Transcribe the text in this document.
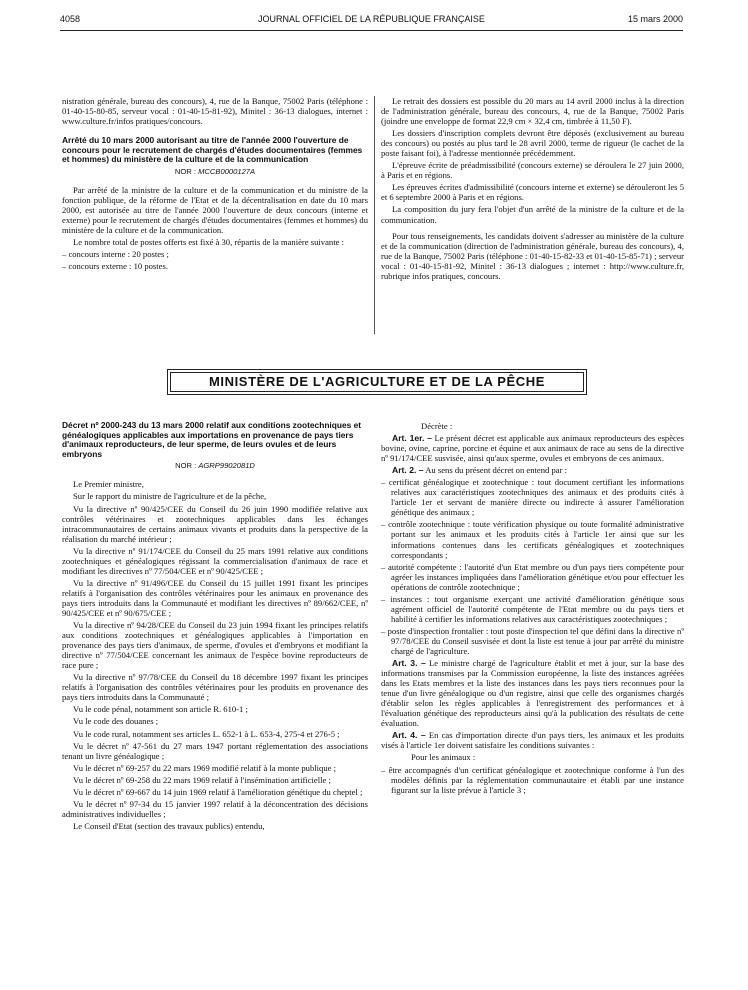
4058	JOURNAL OFFICIEL DE LA RÉPUBLIQUE FRANÇAISE	15 mars 2000

nistration générale, bureau des concours), 4, rue de la Banque, 75002 Paris (téléphone : 01-40-15-80-85, serveur vocal : 01-40-15-81-92), Minitel : 36-13 dialogues, internet : www.culture.fr/infos pratiques/concours.

Arrêté du 10 mars 2000 autorisant au titre de l'année 2000 l'ouverture de concours pour le recrutement de chargés d'études documentaires (femmes et hommes) du ministère de la culture et de la communication
NOR : MCCB0000127A

Par arrêté de la ministre de la culture et de la communication et du ministre de la fonction publique, de la réforme de l'Etat et de la décentralisation en date du 10 mars 2000, est autorisée au titre de l'année 2000 l'ouverture de deux concours (interne et externe) pour le recrutement de chargés d'études documentaires (femmes et hommes) du ministère de la culture et de la communication.

Le nombre total de postes offerts est fixé à 30, répartis de la manière suivante :

– concours interne : 20 postes ;
– concours externe : 10 postes.

Le retrait des dossiers est possible du 20 mars au 14 avril 2000 inclus à la direction de l'administration générale, bureau des concours, 4, rue de la Banque, 75002 Paris (joindre une enveloppe de format 22,9 cm × 32,4 cm, timbrée à 11,50 F).

Les dossiers d'inscription complets devront être déposés (exclusivement au bureau des concours) ou postés au plus tard le 28 avril 2000, terme de rigueur (le cachet de la poste faisant foi), à l'adresse mentionnée précédemment.

L'épreuve écrite de préadmissibilité (concours externe) se déroulera le 27 juin 2000, à Paris et en régions.

Les épreuves écrites d'admissibilité (concours interne et externe) se dérouleront les 5 et 6 septembre 2000 à Paris et en régions.

La composition du jury fera l'objet d'un arrêté de la ministre de la culture et de la communication.

Pour tous renseignements, les candidats doivent s'adresser au ministère de la culture et de la communication (direction de l'administration générale, bureau des concours), 4, rue de la Banque, 75002 Paris (téléphone : 01-40-15-82-33 et 01-40-15-85-71) ; serveur vocal : 01-40-15-81-92, Minitel : 36-13 dialogues ; internet : http://www.culture.fr, rubrique infos pratiques, concours.

MINISTÈRE DE L'AGRICULTURE ET DE LA PÊCHE
Décret nº 2000-243 du 13 mars 2000 relatif aux conditions zootechniques et généalogiques applicables aux importations en provenance de pays tiers d'animaux reproducteurs, de leur sperme, de leurs ovules et de leurs embryons
NOR : AGRP9902081D

Le Premier ministre,

Sur le rapport du ministre de l'agriculture et de la pêche,

Vu la directive nº 90/425/CEE du Conseil du 26 juin 1990 modifiée relative aux contrôles vétérinaires et zootechniques applicables dans les échanges intracommunautaires de certains animaux vivants et produits dans la perspective de la réalisation du marché intérieur ;

Vu la directive nº 91/174/CEE du Conseil du 25 mars 1991 relative aux conditions zootechniques et généalogiques régissant la commercialisation d'animaux de race et modifiant les directives nº 77/504/CEE et nº 90/425/CEE ;

Vu la directive nº 91/496/CEE du Conseil du 15 juillet 1991 fixant les principes relatifs à l'organisation des contrôles vétérinaires pour les animaux en provenance des pays tiers introduits dans la Communauté et modifiant les directives nº 89/662/CEE, nº 90/425/CEE et nº 90/675/CEE ;

Vu la directive nº 94/28/CEE du Conseil du 23 juin 1994 fixant les principes relatifs aux conditions zootechniques et généalogiques applicables à l'importation en provenance des pays tiers d'animaux, de sperme, d'ovules et d'embryons et modifiant la directive nº 77/504/CEE concernant les animaux de l'espèce bovine reproducteurs de race pure ;

Vu la directive nº 97/78/CEE du Conseil du 18 décembre 1997 fixant les principes relatifs à l'organisation des contrôles vétérinaires pour les produits en provenance des pays tiers introduits dans la Communauté ;

Vu le code pénal, notamment son article R. 610-1 ;

Vu le code des douanes ;

Vu le code rural, notamment ses articles L. 652-1 à L. 653-4, 275-4 et 276-5 ;

Vu le décret nº 47-561 du 27 mars 1947 portant réglementation des associations tenant un livre généalogique ;

Vu le décret nº 69-257 du 22 mars 1969 modifié relatif à la monte publique ;

Vu le décret nº 69-258 du 22 mars 1969 relatif à l'insémination artificielle ;

Vu le décret nº 69-667 du 14 juin 1969 relatif à l'amélioration génétique du cheptel ;

Vu le décret nº 97-34 du 15 janvier 1997 relatif à la déconcentration des décisions administratives individuelles ;

Le Conseil d'Etat (section des travaux publics) entendu,

Décrète :

Art. 1er. – Le présent décret est applicable aux animaux reproducteurs des espèces bovine, ovine, caprine, porcine et équine et aux animaux de race au sens de la directive nº 91/174/CEE susvisée, ainsi qu'aux sperme, ovules et embryons de ces animaux.

Art. 2. – Au sens du présent décret on entend par :

– certificat généalogique et zootechnique : tout document certifiant les informations relatives aux caractéristiques zootechniques des animaux et des produits cités à l'article 1er et servant de manière directe ou indirecte à assurer l'amélioration génétique des animaux ;
– contrôle zootechnique : toute vérification physique ou toute formalité administrative portant sur les animaux et les produits cités à l'article 1er ainsi que sur les informations contenues dans les certificats généalogiques et zootechniques correspondants ;
– autorité compétente : l'autorité d'un Etat membre ou d'un pays tiers compétente pour agréer les instances impliquées dans l'amélioration génétique et/ou pour effectuer les opérations de contrôle zootechnique ;
– instances : tout organisme exerçant une activité d'amélioration génétique sous agrément officiel de l'autorité compétente de l'Etat membre ou du pays tiers et habilité à certifier les informations relatives aux caractéristiques zootechniques ;
– poste d'inspection frontalier : tout poste d'inspection tel que défini dans la directive nº 97/78/CEE du Conseil susvisée et dont la liste est tenue à jour par arrêté du ministre chargé de l'agriculture.

Art. 3. – Le ministre chargé de l'agriculture établit et met à jour, sur la base des informations transmises par la Commission européenne, la liste des instances agréées dans les Etats membres et la liste des instances dans les pays tiers reconnues pour la tenue d'un livre généalogique ou d'un registre, ainsi que celle des organismes chargés d'établir selon les règles applicables à l'enregistrement des performances et à l'évaluation génétique des reproducteurs ainsi qu'à la publication des résultats de cette évaluation.

Art. 4. – En cas d'importation directe d'un pays tiers, les animaux et les produits visés à l'article 1er doivent satisfaire les conditions suivantes :

Pour les animaux :

– être accompagnés d'un certificat généalogique et zootechnique conforme à l'un des modèles définis par la réglementation communautaire et établi par une instance figurant sur la liste prévue à l'article 3 ;
